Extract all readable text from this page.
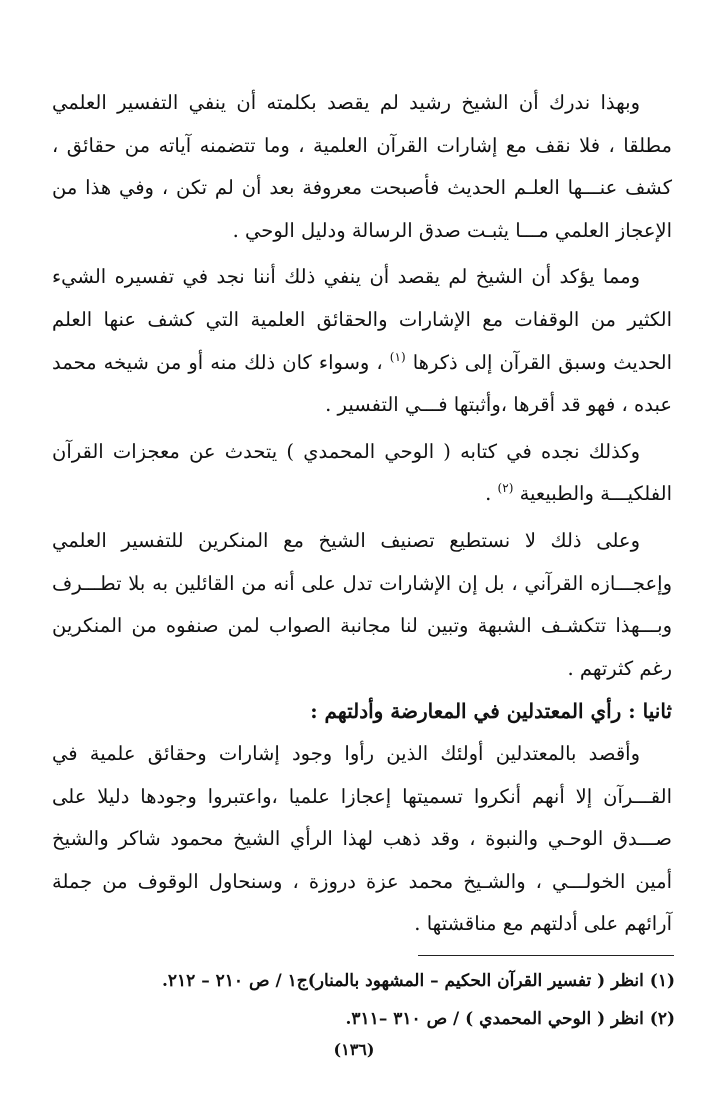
وبهذا ندرك أن الشيخ رشيد لم يقصد بكلمته أن ينفي التفسير العلمي مطلقا ، فلا نقف مع إشارات القرآن العلمية ، وما تتضمنه آياته من حقائق ، كشف عنـــها العلـم الحديث فأصبحت معروفة بعد أن لم تكن ، وفي هذا من الإعجاز العلمي مـــا يثبـت صدق الرسالة ودليل الوحي .

ومما يؤكد أن الشيخ لم يقصد أن ينفي ذلك أننا نجد في تفسيره الشيء الكثير من الوقفات مع الإشارات والحقائق العلمية التي كشف عنها العلم الحديث وسبق القرآن إلى ذكرها $^{(١)}$ ، وسواء كان ذلك منه أو من شيخه محمد عبده ، فهو قد أقرها ،وأثبتها فـــي التفسير .

وكذلك نجده في كتابه ( الوحي المحمدي ) يتحدث عن معجزات القرآن الفلكيـــة والطبيعية $^{(٢)}$ .

وعلى ذلك لا نستطيع تصنيف الشيخ مع المنكرين للتفسير العلمي وإعجـــازه القرآني ، بل إن الإشارات تدل على أنه من القائلين به بلا تطـــرف وبـــهذا تتكشـف الشبهة وتبين لنا مجانبة الصواب لمن صنفوه من المنكرين رغم كثرتهم .

ثانيا : رأي المعتدلين في المعارضة وأدلتهم :

وأقصد بالمعتدلين أولئك الذين رأوا وجود إشارات وحقائق علمية في القـــرآن إلا أنهم أنكروا تسميتها إعجازا علميا ،واعتبروا وجودها دليلا على صـــدق الوحـي والنبوة ، وقد ذهب لهذا الرأي الشيخ محمود شاكر والشيخ أمين الخولـــي ، والشـيخ محمد عزة دروزة ، وسنحاول الوقوف من جملة آرائهم على أدلتهم مع مناقشتها .

(١) انظر ( تفسير القرآن الحكيم – المشهود بالمنار)ج١ / ص ٢١٠ – ٢١٢.
(٢) انظر ( الوحي المحمدي ) / ص ٣١٠ –٣١١.
(١٣٦)
